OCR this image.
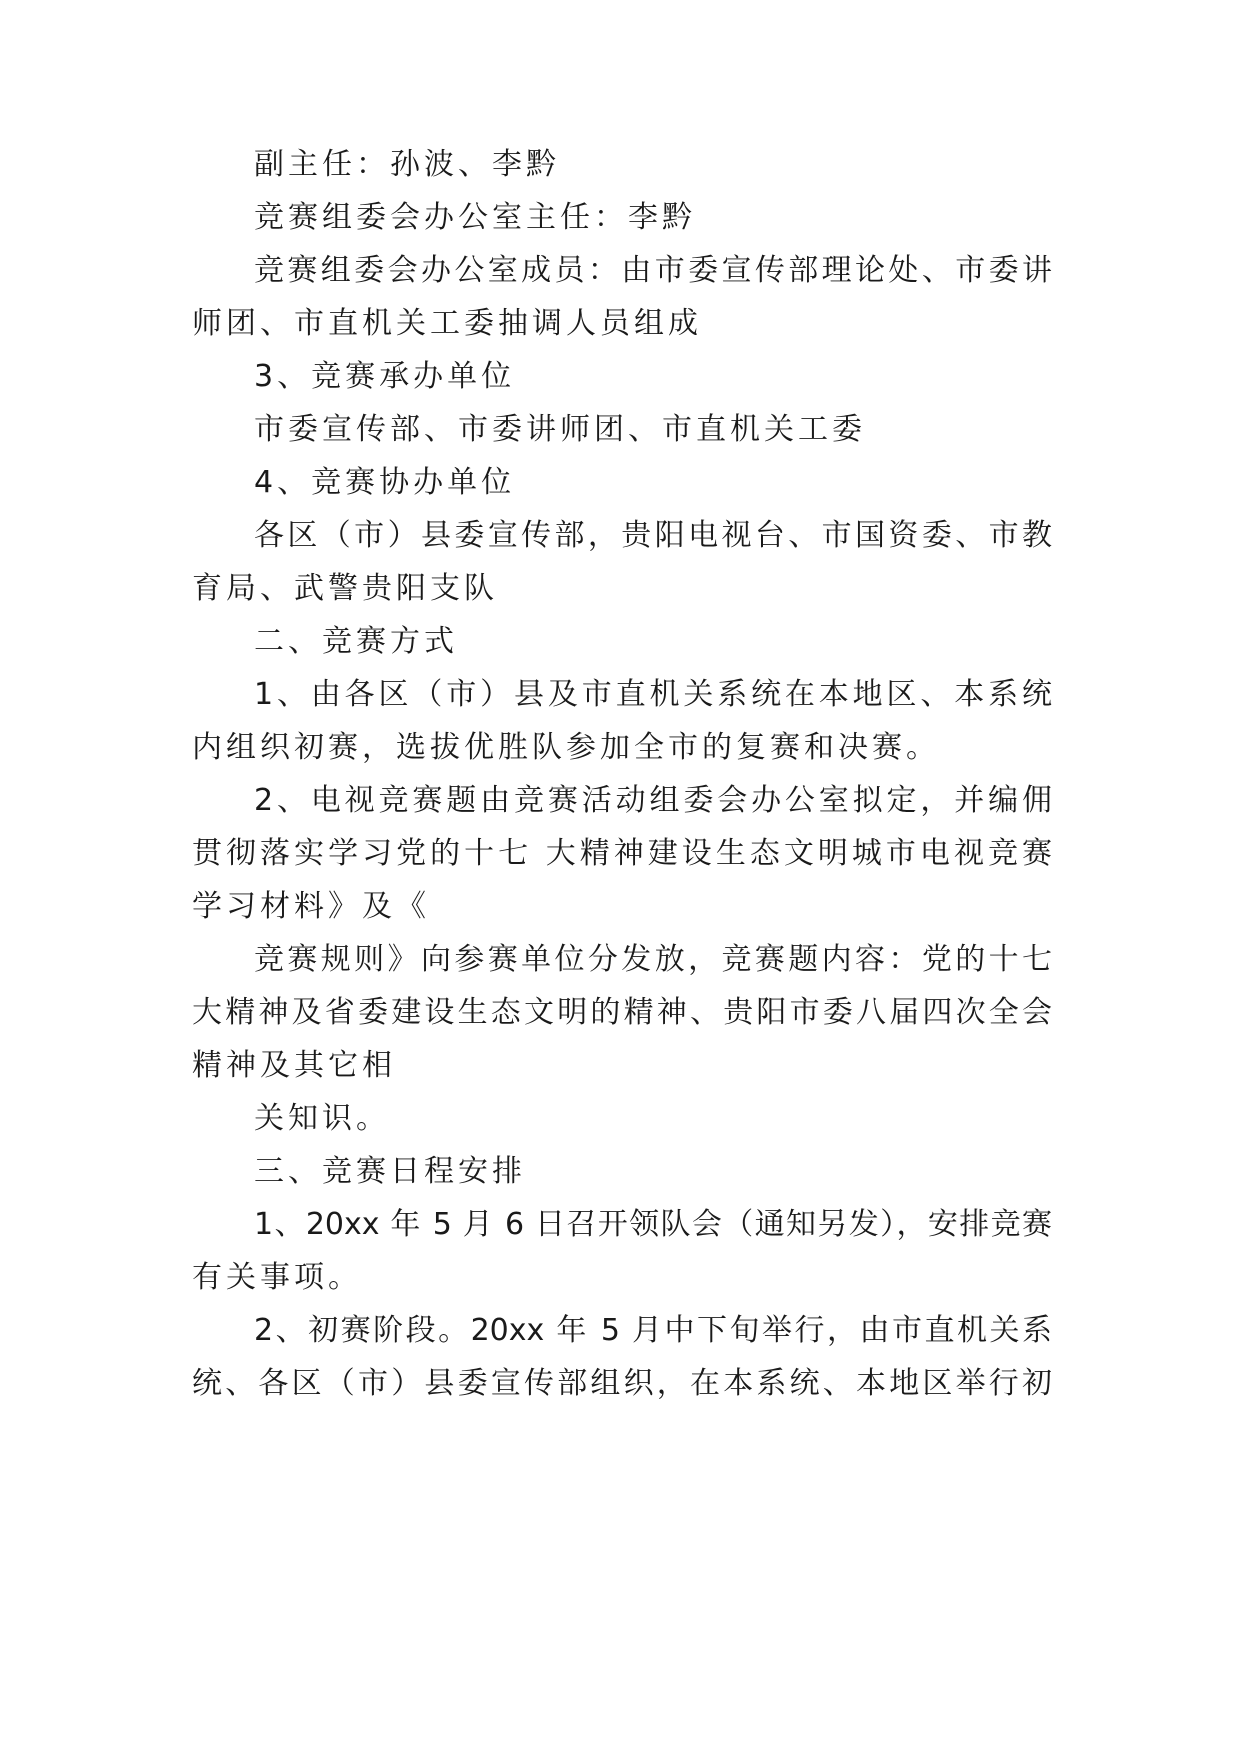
副主任：孙波、李黔

竞赛组委会办公室主任：李黔

竞赛组委会办公室成员：由市委宣传部理论处、市委讲

师团、市直机关工委抽调人员组成

3、竞赛承办单位

市委宣传部、市委讲师团、市直机关工委

4、竞赛协办单位

各区（市）县委宣传部，贵阳电视台、市国资委、市教

育局、武警贵阳支队

二、竞赛方式

1、由各区（市）县及市直机关系统在本地区、本系统

内组织初赛，选拔优胜队参加全市的复赛和决赛。

2、电视竞赛题由竞赛活动组委会办公室拟定，并编佣

贯彻落实学习党的十七 大精神建设生态文明城市电视竞赛

学习材料》及《

竞赛规则》向参赛单位分发放，竞赛题内容：党的十七

大精神及省委建设生态文明的精神、贵阳市委八届四次全会

精神及其它相

关知识。

三、竞赛日程安排

1、20xx 年 5 月 6 日召开领队会（通知另发），安排竞赛

有关事项。

2、初赛阶段。20xx 年 5 月中下旬举行，由市直机关系

统、各区（市）县委宣传部组织，在本系统、本地区举行初
